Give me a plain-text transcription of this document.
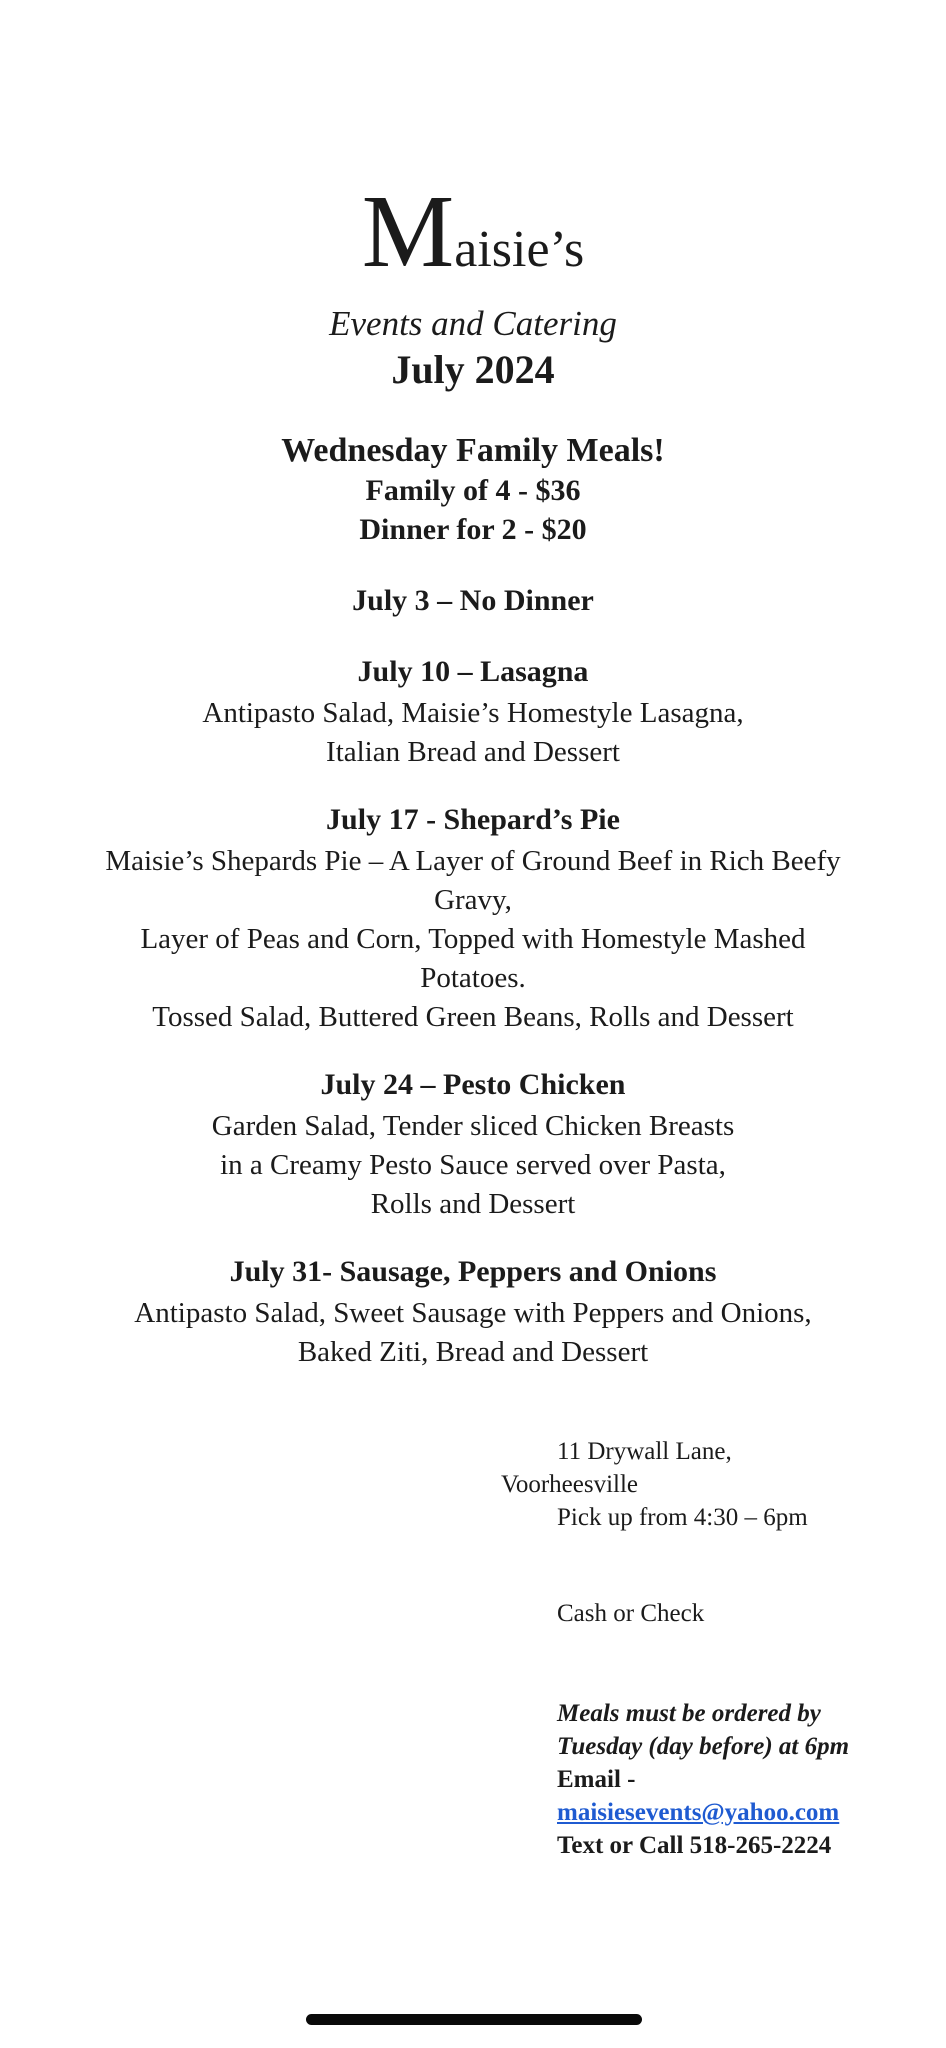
Maisie’s
Events and Catering
July 2024
Wednesday Family Meals!
Family of 4 - $36
Dinner for 2 - $20
July 3 – No Dinner
July 10 – Lasagna
Antipasto Salad, Maisie’s Homestyle Lasagna,
Italian Bread and Dessert
July 17 - Shepard’s Pie
Maisie’s Shepards Pie – A Layer of Ground Beef in Rich Beefy
Gravy,
Layer of Peas and Corn, Topped with Homestyle Mashed
Potatoes.
Tossed Salad, Buttered Green Beans, Rolls and Dessert
July 24 – Pesto Chicken
Garden Salad, Tender sliced Chicken Breasts
in a Creamy Pesto Sauce served over Pasta,
Rolls and Dessert
July 31- Sausage, Peppers and Onions
Antipasto Salad, Sweet Sausage with Peppers and Onions,
Baked Ziti, Bread and Dessert
11 Drywall Lane,
Voorheesville
Pick up from 4:30 – 6pm
Cash or Check
Meals must be ordered by
Tuesday (day before) at 6pm
Email -
maisiesevents@yahoo.com
Text or Call 518-265-2224
